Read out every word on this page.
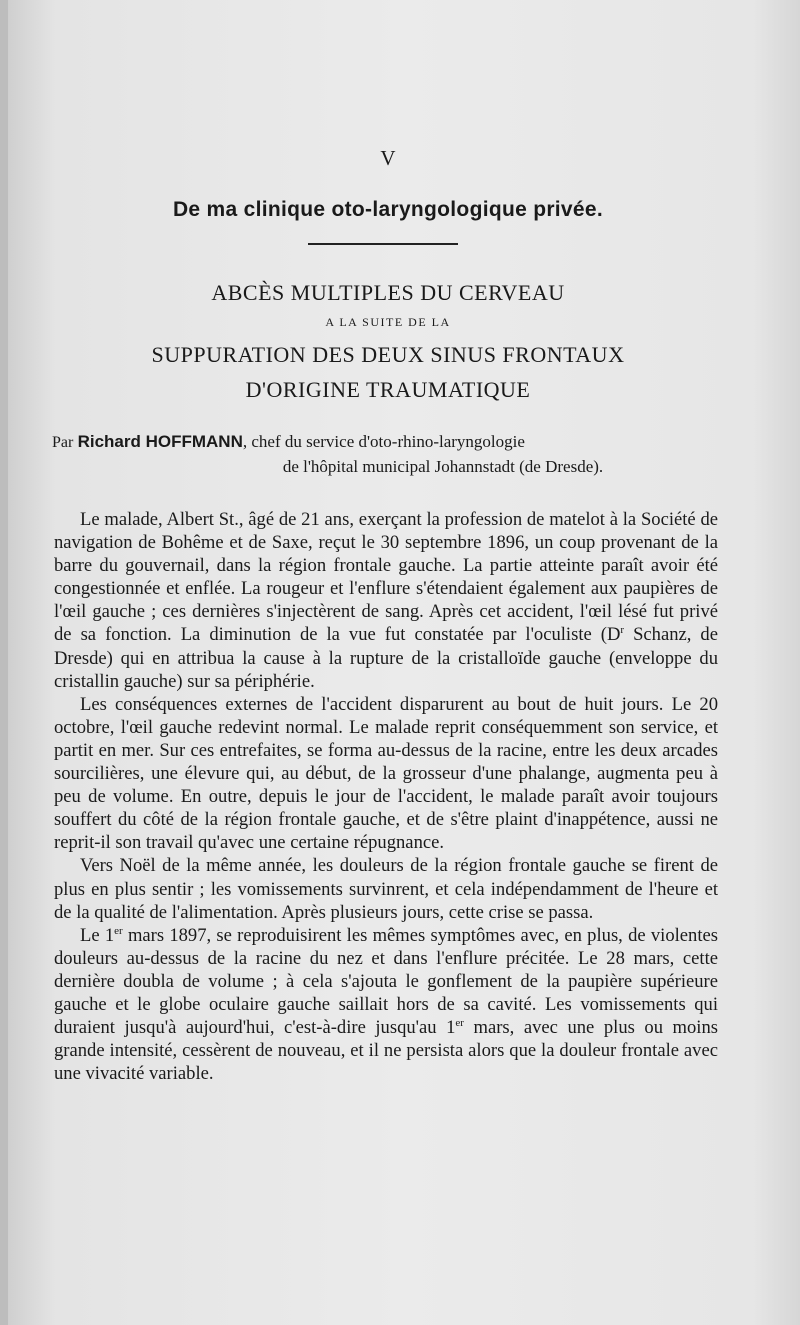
V
De ma clinique oto-laryngologique privée.
ABCÈS MULTIPLES DU CERVEAU
A LA SUITE DE LA
SUPPURATION DES DEUX SINUS FRONTAUX
D'ORIGINE TRAUMATIQUE
Par Richard HOFFMANN, chef du service d'oto-rhino-laryngologie
de l'hôpital municipal Johannstadt (de Dresde).

Le malade, Albert St., âgé de 21 ans, exerçant la profession de matelot à la Société de navigation de Bohême et de Saxe, reçut le 30 septembre 1896, un coup provenant de la barre du gouvernail, dans la région frontale gauche. La partie atteinte paraît avoir été congestionnée et enflée. La rougeur et l'enflure s'étendaient également aux paupières de l'œil gauche ; ces dernières s'injectèrent de sang. Après cet accident, l'œil lésé fut privé de sa fonction. La diminution de la vue fut constatée par l'oculiste ($D^r$ Schanz, de Dresde) qui en attribua la cause à la rupture de la cristalloïde gauche (enveloppe du cristallin gauche) sur sa périphérie.

Les conséquences externes de l'accident disparurent au bout de huit jours. Le 20 octobre, l'œil gauche redevint normal. Le malade reprit conséquemment son service, et partit en mer. Sur ces entrefaites, se forma au-dessus de la racine, entre les deux arcades sourcilières, une élevure qui, au début, de la grosseur d'une phalange, augmenta peu à peu de volume. En outre, depuis le jour de l'accident, le malade paraît avoir toujours souffert du côté de la région frontale gauche, et de s'être plaint d'inappétence, aussi ne reprit-il son travail qu'avec une certaine répugnance.

Vers Noël de la même année, les douleurs de la région frontale gauche se firent de plus en plus sentir ; les vomissements survinrent, et cela indépendamment de l'heure et de la qualité de l'alimentation. Après plusieurs jours, cette crise se passa.

Le 1er mars 1897, se reproduisirent les mêmes symptômes avec, en plus, de violentes douleurs au-dessus de la racine du nez et dans l'enflure précitée. Le 28 mars, cette dernière doubla de volume ; à cela s'ajouta le gonflement de la paupière supérieure gauche et le globe oculaire gauche saillait hors de sa cavité. Les vomissements qui duraient jusqu'à aujourd'hui, c'est-à-dire jusqu'au 1er mars, avec une plus ou moins grande intensité, cessèrent de nouveau, et il ne persista alors que la douleur frontale avec une vivacité variable.
